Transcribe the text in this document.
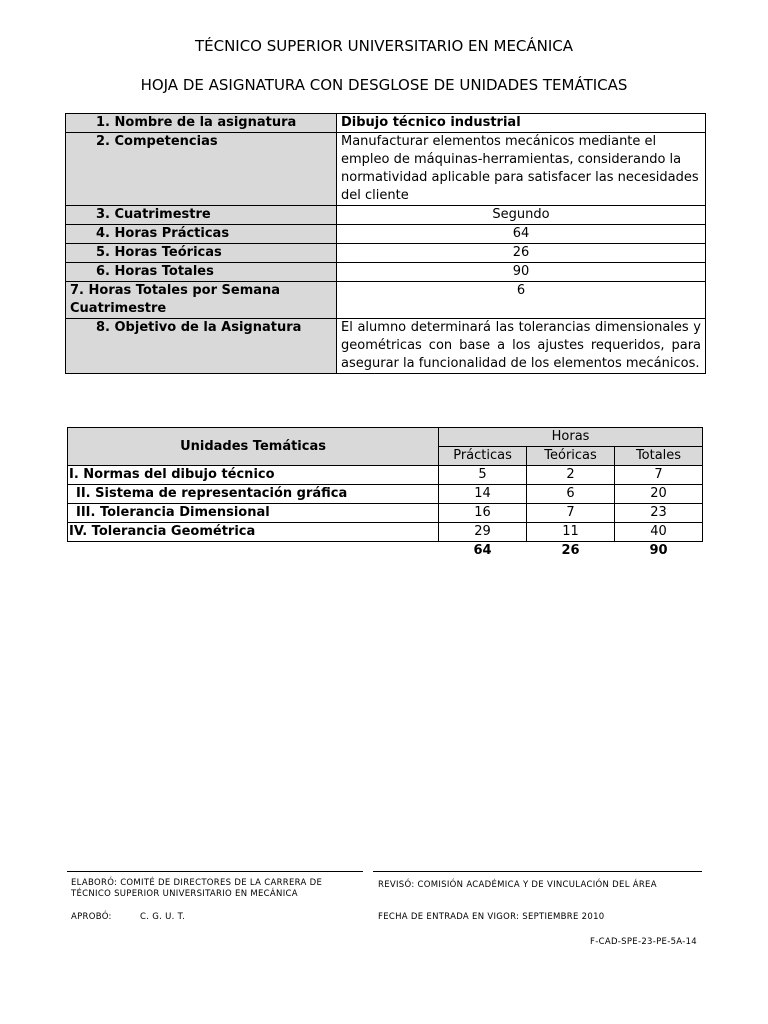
TÉCNICO SUPERIOR UNIVERSITARIO EN MECÁNICA
HOJA DE ASIGNATURA CON DESGLOSE DE UNIDADES TEMÁTICAS
1. Nombre de la asignatura	Dibujo técnico industrial
2. Competencias	Manufacturar elementos mecánicos mediante el empleo de máquinas-herramientas, considerando la normatividad aplicable para satisfacer las necesidades del cliente
3. Cuatrimestre	Segundo
4. Horas Prácticas	64
5. Horas Teóricas	26
6. Horas Totales	90
7. Horas Totales por Semana Cuatrimestre	6
8. Objetivo de la Asignatura	El alumno determinará las tolerancias dimensionales y geométricas con base a los ajustes requeridos, para asegurar la funcionalidad de los elementos mecánicos.
Unidades Temáticas	Horas		
	Prácticas	Teóricas	Totales
I. Normas del dibujo técnico	5	2	7
II. Sistema de representación gráfica	14	6	20
III. Tolerancia Dimensional	16	7	23
IV. Tolerancia Geométrica	29	11	40
	64	26	90
ELABORÓ: COMITÉ DE DIRECTORES DE LA CARRERA DE TÉCNICO SUPERIOR UNIVERSITARIO EN MECÁNICA
REVISÓ: COMISIÓN ACADÉMICA Y DE VINCULACIÓN DEL ÁREA
APROBÓ:	C. G. U. T.	FECHA DE ENTRADA EN VIGOR: SEPTIEMBRE 2010
F-CAD-SPE-23-PE-5A-14
